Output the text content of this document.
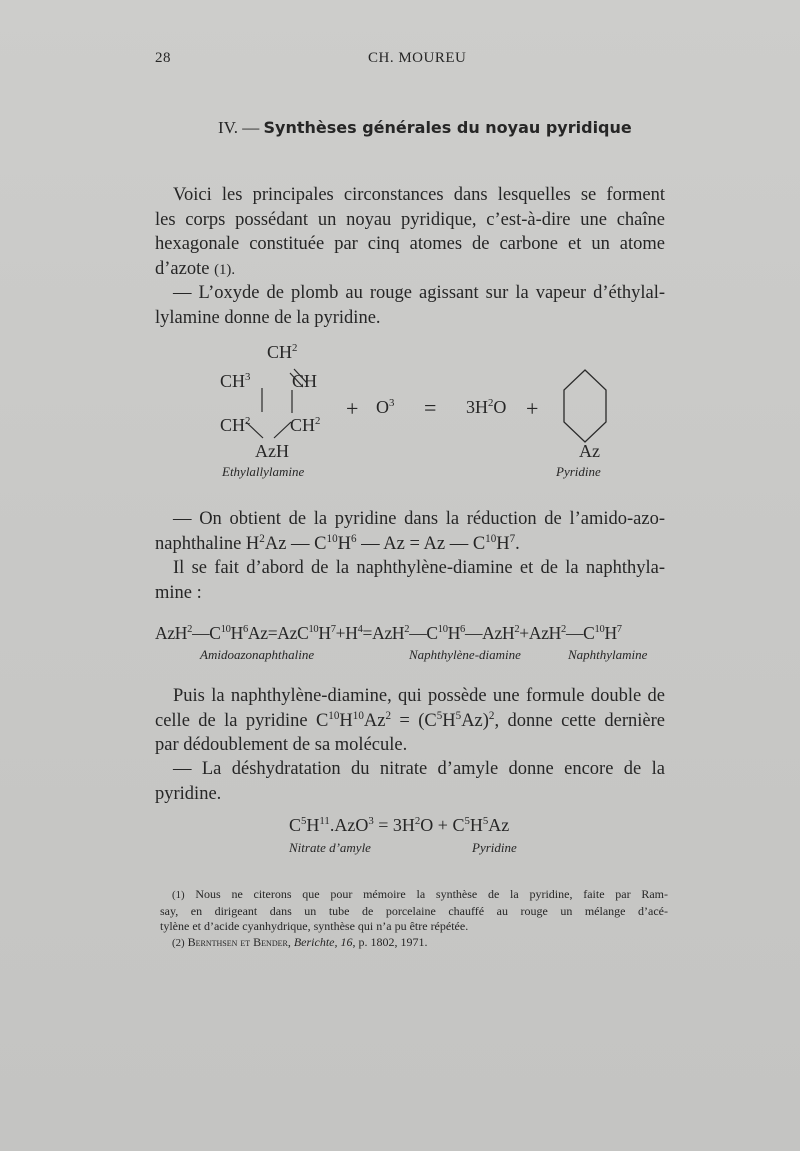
28	CH. MOUREU
IV. — Synthèses générales du noyau pyridique
Voici les principales circonstances dans lesquelles se forment
les corps possédant un noyau pyridique, c’est-à-dire une chaîne
hexagonale constituée par cinq atomes de carbone et un atome
d’azote (1).
— L’oxyde de plomb au rouge agissant sur la vapeur d’éthylal-
lylamine donne de la pyridine.
$CH^2$
$CH^3$ CH
$CH^2$ $CH^2$
AzH
+ $O^3 = 3H^2O$ +
Az
Ethylallylamine	Pyridine
— On obtient de la pyridine dans la réduction de l’amido-azo-
naphthaline $H^2Az$ — $C^{10}H^6$ — Az = Az — $C^{10}H^7$.
Il se fait d’abord de la naphthylène-diamine et de la naphthyla-
mine :
$AzH^2—C^{10}H^6Az=AzC^{10}H^7+H^4=AzH^2—C^{10}H^6—AzH^2+AzH^2—C^{10}H^7$
Amidoazonaphthaline	Naphthylène-diamine	Naphthylamine
Puis la naphthylène-diamine, qui possède une formule double de
celle de la pyridine $C^{10}H^{10}Az^2 = (C^5H^5Az)^2$, donne cette dernière
par dédoublement de sa molécule.
— La déshydratation du nitrate d’amyle donne encore de la
pyridine.
$C^5H^{11}.AzO^3 = 3H^2O + C^5H^5Az$
Nitrate d’amyle	Pyridine
(1) Nous ne citerons que pour mémoire la synthèse de la pyridine, faite par Ram-
say, en dirigeant dans un tube de porcelaine chauffé au rouge un mélange d’acé-
tylène et d’acide cyanhydrique, synthèse qui n’a pu être répétée.
(2) Bernthsen et Bender, Berichte, 16, p. 1802, 1971.
